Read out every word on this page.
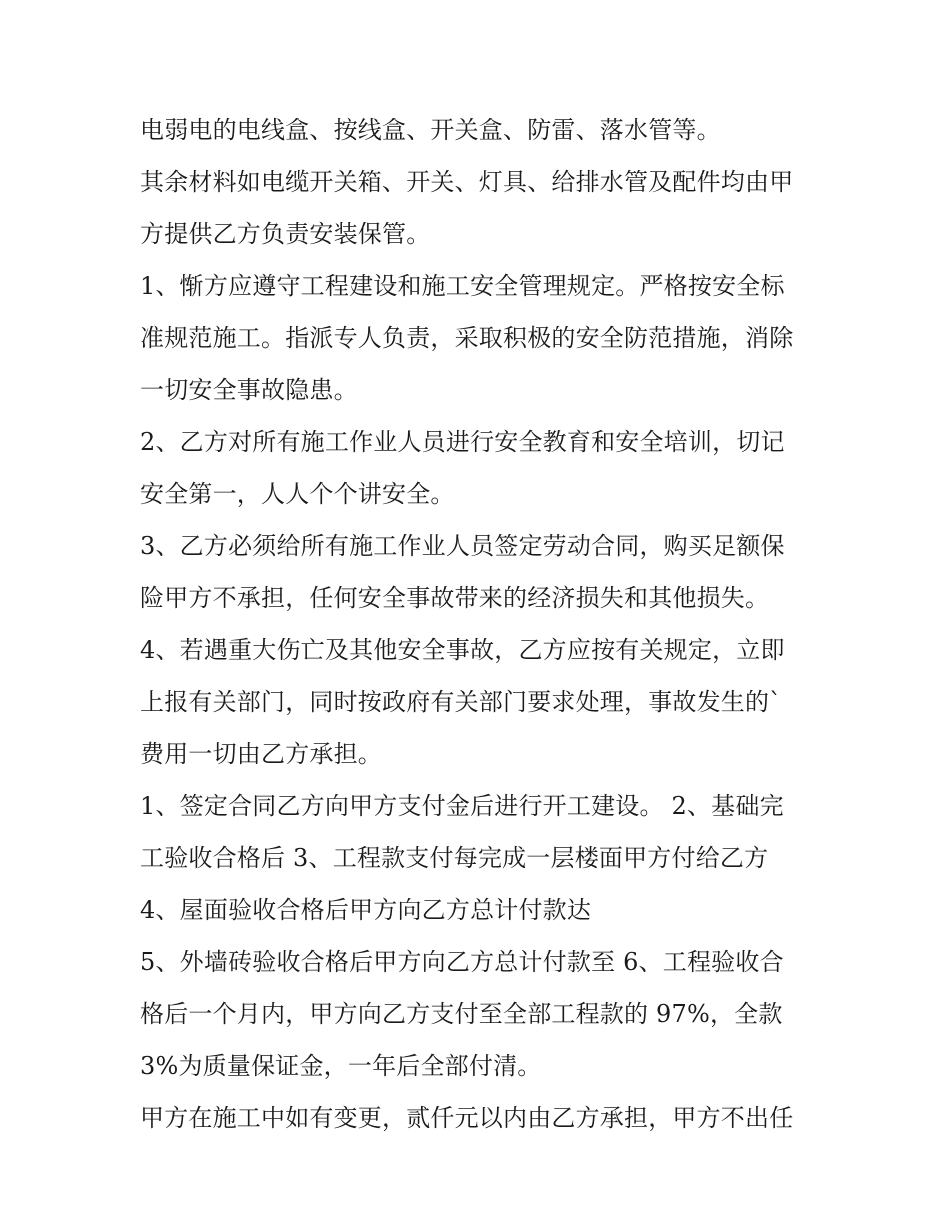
电弱电的电线盒、按线盒、开关盒、防雷、落水管等。
其余材料如电缆开关箱、开关、灯具、给排水管及配件均由甲
方提供乙方负责安装保管。
1、惭方应遵守工程建设和施工安全管理规定。严格按安全标
准规范施工。指派专人负责，采取积极的安全防范措施，消除
一切安全事故隐患。
2、乙方对所有施工作业人员进行安全教育和安全培训，切记
安全第一，人人个个讲安全。
3、乙方必须给所有施工作业人员签定劳动合同，购买足额保
险甲方不承担，任何安全事故带来的经济损失和其他损失。
4、若遇重大伤亡及其他安全事故，乙方应按有关规定，立即
上报有关部门，同时按政府有关部门要求处理，事故发生的`
费用一切由乙方承担。
1、签定合同乙方向甲方支付金后进行开工建设。 2、基础完
工验收合格后 3、工程款支付每完成一层楼面甲方付给乙方
4、屋面验收合格后甲方向乙方总计付款达
5、外墙砖验收合格后甲方向乙方总计付款至 6、工程验收合
格后一个月内，甲方向乙方支付至全部工程款的 97%，全款
3%为质量保证金，一年后全部付清。
甲方在施工中如有变更，贰仟元以内由乙方承担，甲方不出任
